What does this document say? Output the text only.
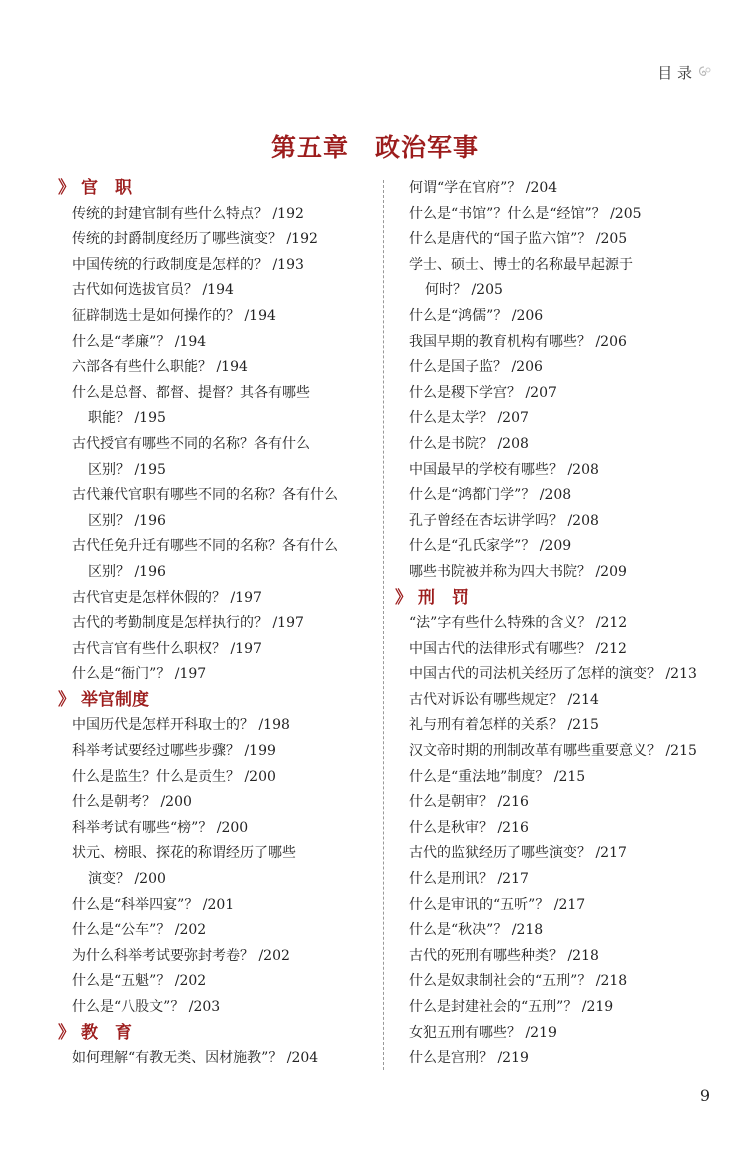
目 录
第五章　政治军事
》 官　职
传统的封建官制有些什么特点？ /192
传统的封爵制度经历了哪些演变？ /192
中国传统的行政制度是怎样的？ /193
古代如何选拔官员？ /194
征辟制选士是如何操作的？ /194
什么是“孝廉”？ /194
六部各有些什么职能？ /194
什么是总督、都督、提督？其各有哪些
职能？ /195
古代授官有哪些不同的名称？各有什么
区别？ /195
古代兼代官职有哪些不同的名称？各有什么
区别？ /196
古代任免升迁有哪些不同的名称？各有什么
区别？ /196
古代官吏是怎样休假的？ /197
古代的考勤制度是怎样执行的？ /197
古代言官有些什么职权？ /197
什么是“衙门”？ /197
》 举官制度
中国历代是怎样开科取士的？ /198
科举考试要经过哪些步骤？ /199
什么是监生？什么是贡生？ /200
什么是朝考？ /200
科举考试有哪些“榜”？ /200
状元、榜眼、探花的称谓经历了哪些
演变？ /200
什么是“科举四宴”？ /201
什么是“公车”？ /202
为什么科举考试要弥封考卷？ /202
什么是“五魁”？ /202
什么是“八股文”？ /203
》 教　育
如何理解“有教无类、因材施教”？ /204
何谓“学在官府”？ /204
什么是“书馆”？什么是“经馆”？ /205
什么是唐代的“国子监六馆”？ /205
学士、硕士、博士的名称最早起源于
何时？ /205
什么是“鸿儒”？ /206
我国早期的教育机构有哪些？ /206
什么是国子监？ /206
什么是稷下学宫？ /207
什么是太学？ /207
什么是书院？ /208
中国最早的学校有哪些？ /208
什么是“鸿都门学”？ /208
孔子曾经在杏坛讲学吗？ /208
什么是“孔氏家学”？ /209
哪些书院被并称为四大书院？ /209
》 刑　罚
“法”字有些什么特殊的含义？ /212
中国古代的法律形式有哪些？ /212
中国古代的司法机关经历了怎样的演变？ /213
古代对诉讼有哪些规定？ /214
礼与刑有着怎样的关系？ /215
汉文帝时期的刑制改革有哪些重要意义？ /215
什么是“重法地”制度？ /215
什么是朝审？ /216
什么是秋审？ /216
古代的监狱经历了哪些演变？ /217
什么是刑讯？ /217
什么是审讯的“五听”？ /217
什么是“秋决”？ /218
古代的死刑有哪些种类？ /218
什么是奴隶制社会的“五刑”？ /218
什么是封建社会的“五刑”？ /219
女犯五刑有哪些？ /219
什么是宫刑？ /219
9
